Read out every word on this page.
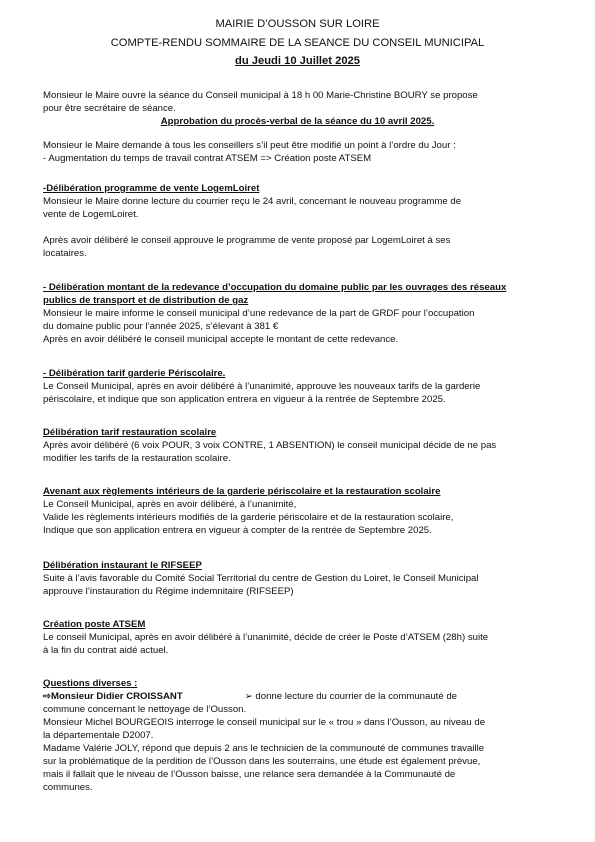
MAIRIE D’OUSSON SUR LOIRE
COMPTE-RENDU SOMMAIRE DE LA SEANCE DU CONSEIL MUNICIPAL
du Jeudi 10 Juillet 2025
Monsieur le Maire ouvre la séance du Conseil municipal à 18 h 00 Marie-Christine BOURY se propose
pour être secrétaire de séance.
Approbation du procès-verbal de la séance du 10 avril 2025.
Monsieur le Maire demande à tous les conseillers s’il peut être modifié un point à l’ordre du Jour :
- Augmentation du temps de travail contrat ATSEM => Création poste ATSEM
-Délibération programme de vente LogemLoiret
Monsieur le Maire donne lecture du courrier reçu le 24 avril, concernant le nouveau programme de
vente de LogemLoiret.
Après avoir délibéré le conseil approuve le programme de vente proposé par LogemLoiret à ses
locataires.
- Délibération montant de la redevance d’occupation du domaine public par les ouvrages des réseaux
publics de transport et de distribution de gaz
Monsieur le maire informe le conseil municipal d’une redevance de la part de GRDF pour l’occupation
du domaine public pour l’année 2025, s’élevant à 381 €
Après en avoir délibéré le conseil municipal accepte le montant de cette redevance.
- Délibération tarif garderie Périscolaire.
Le Conseil Municipal, après en avoir délibéré à l’unanimité, approuve les nouveaux tarifs de la garderie
périscolaire, et indique que son application entrera en vigueur à la rentrée de Septembre 2025.
Délibération tarif restauration scolaire
Après avoir délibéré (6 voix POUR, 3 voix CONTRE, 1 ABSENTION) le conseil municipal décide de ne pas
modifier les tarifs de la restauration scolaire.
Avenant aux règlements intérieurs de la garderie périscolaire et la restauration scolaire
Le Conseil Municipal, après en avoir délibéré, à l’unanimité,
Valide les règlements intérieurs modifiés de la garderie périscolaire et de la restauration scolaire,
Indique que son application entrera en vigueur à compter de la rentrée de Septembre 2025.
Délibération instaurant le RIFSEEP
Suite à l’avis favorable du Comité Social Territorial du centre de Gestion du Loiret, le Conseil Municipal
approuve l’instauration du Régime indemnitaire (RIFSEEP)
Création poste ATSEM
Le conseil Municipal, après en avoir délibéré à l’unanimité, décide de créer le Poste d’ATSEM (28h) suite
à la fin du contrat aidé actuel.
Questions diverses :
⇨Monsieur Didier CROISSANT	➢ donne lecture du courrier de la communauté de
commune concernant le nettoyage de l’Ousson.
Monsieur Michel BOURGEOIS interroge le conseil municipal sur le « trou » dans l’Ousson, au niveau de
la départementale D2007.
Madame Valérie JOLY, répond que depuis 2 ans le technicien de la communouté de communes travaille
sur la problématique de la perdition de l’Ousson dans les souterrains, une étude est également prévue,
mais il fallait que le niveau de l’Ousson baisse, une relance sera demandée à la Communauté de
communes.
